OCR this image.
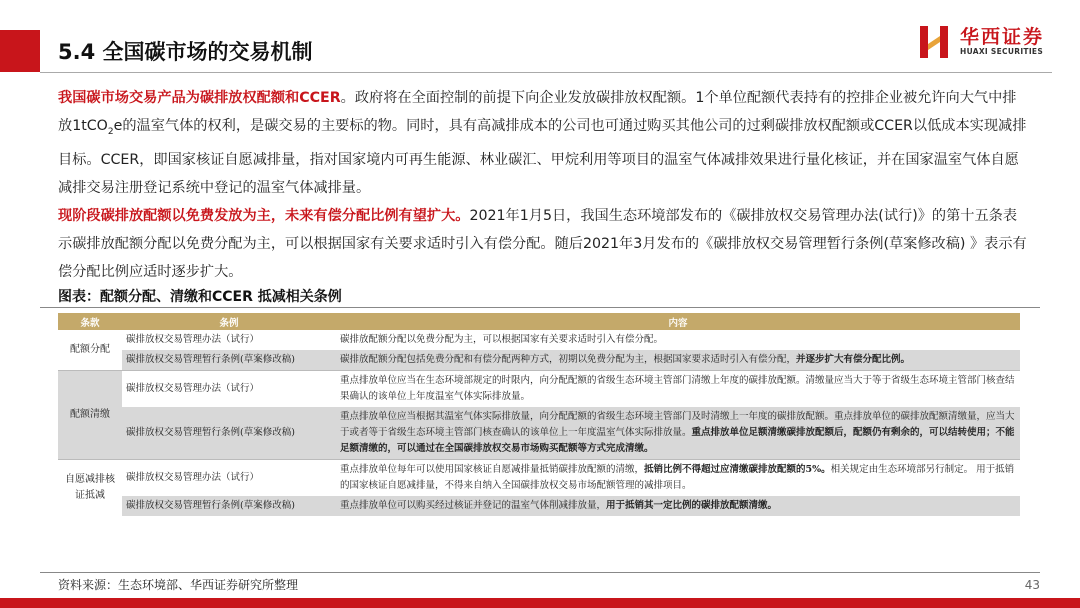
5.4 全国碳市场的交易机制
华西证券
HUAXI SECURITIES

我国碳市场交易产品为碳排放权配额和CCER。政府将在全面控制的前提下向企业发放碳排放权配额。1个单位配额代表持有的控排企业被允许向大气中排放1tCO$_2$e的温室气体的权利，是碳交易的主要标的物。同时，具有高减排成本的公司也可通过购买其他公司的过剩碳排放权配额或CCER以低成本实现减排目标。CCER，即国家核证自愿减排量，指对国家境内可再生能源、林业碳汇、甲烷利用等项目的温室气体减排效果进行量化核证，并在国家温室气体自愿减排交易注册登记系统中登记的温室气体减排量。

现阶段碳排放配额以免费发放为主，未来有偿分配比例有望扩大。2021年1月5日，我国生态环境部发布的《碳排放权交易管理办法(试行)》的第十五条表示碳排放配额分配以免费分配为主，可以根据国家有关要求适时引入有偿分配。随后2021年3月发布的《碳排放权交易管理暂行条例(草案修改稿) 》表示有偿分配比例应适时逐步扩大。

图表：配额分配、清缴和CCER 抵减相关条例
条款	条例	内容
配额分配	碳排放权交易管理办法（试行）	碳排放配额分配以免费分配为主，可以根据国家有关要求适时引入有偿分配。
	碳排放权交易管理暂行条例(草案修改稿)	碳排放配额分配包括免费分配和有偿分配两种方式，初期以免费分配为主，根据国家要求适时引入有偿分配，并逐步扩大有偿分配比例。
配额清缴	碳排放权交易管理办法（试行）	重点排放单位应当在生态环境部规定的时限内，向分配配额的省级生态环境主管部门清缴上年度的碳排放配额。清缴量应当大于等于省级生态环境主管部门核查结果确认的该单位上年度温室气体实际排放量。
	碳排放权交易管理暂行条例(草案修改稿)	重点排放单位应当根据其温室气体实际排放量，向分配配额的省级生态环境主管部门及时清缴上一年度的碳排放配额。重点排放单位的碳排放配额清缴量，应当大于或者等于省级生态环境主管部门核查确认的该单位上一年度温室气体实际排放量。重点排放单位足额清缴碳排放配额后，配额仍有剩余的，可以结转使用；不能足额清缴的，可以通过在全国碳排放权交易市场购买配额等方式完成清缴。
自愿减排核证抵减	碳排放权交易管理办法（试行）	重点排放单位每年可以使用国家核证自愿减排量抵销碳排放配额的清缴，抵销比例不得超过应清缴碳排放配额的5%。相关规定由生态环境部另行制定。 用于抵销的国家核证自愿减排量，不得来自纳入全国碳排放权交易市场配额管理的减排项目。
	碳排放权交易管理暂行条例(草案修改稿)	重点排放单位可以购买经过核证并登记的温室气体削减排放量，用于抵销其一定比例的碳排放配额清缴。
资料来源：生态环境部、华西证券研究所整理	43
